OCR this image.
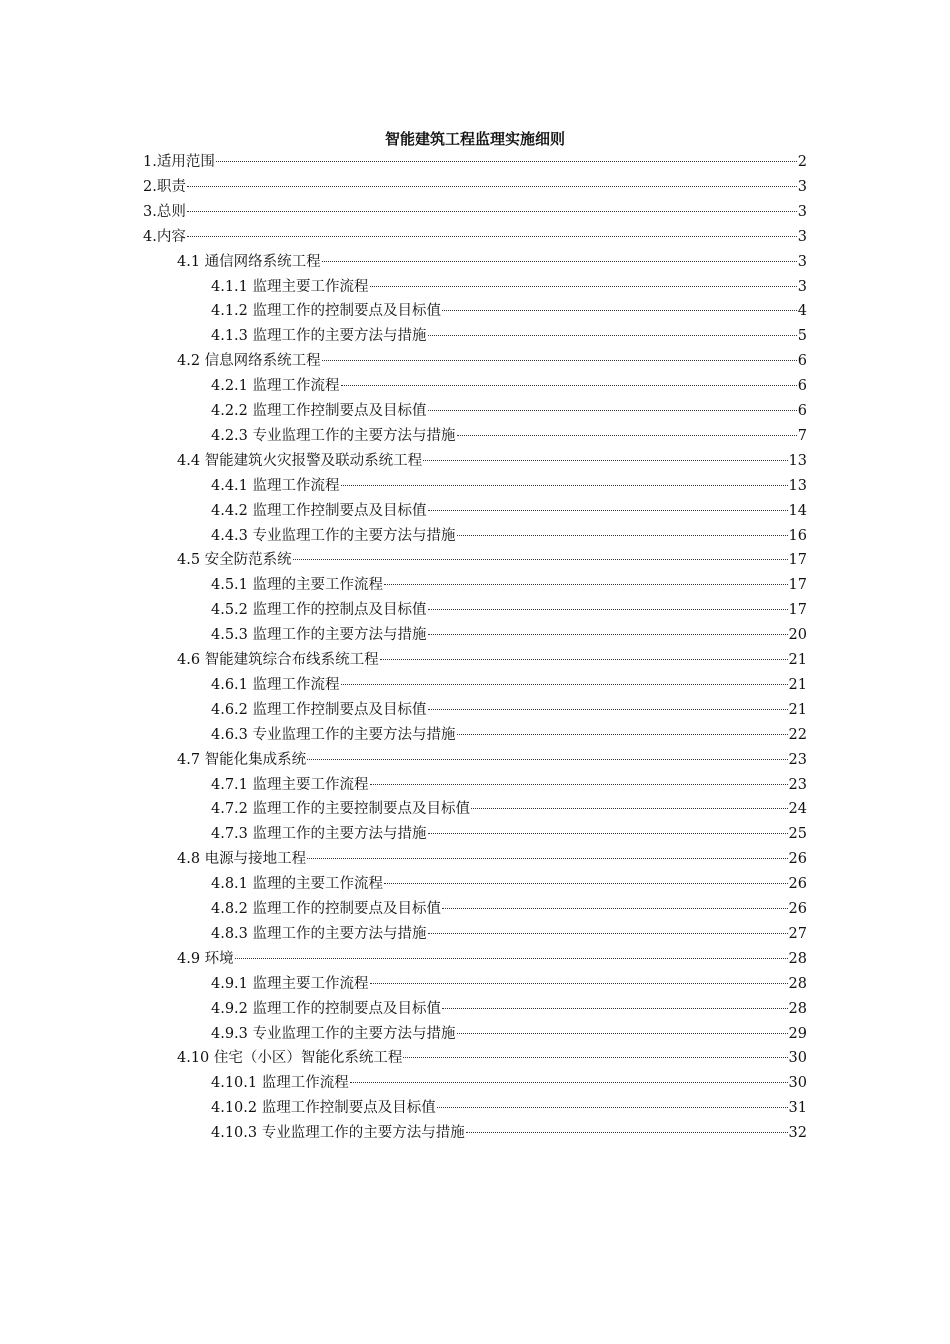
智能建筑工程监理实施细则
1.适用范围	2
2.职责	3
3.总则	3
4.内容	3
4.1 通信网络系统工程	3
4.1.1 监理主要工作流程	3
4.1.2 监理工作的控制要点及目标值	4
4.1.3 监理工作的主要方法与措施	5
4.2 信息网络系统工程	6
4.2.1 监理工作流程	6
4.2.2 监理工作控制要点及目标值	6
4.2.3 专业监理工作的主要方法与措施	7
4.4 智能建筑火灾报警及联动系统工程	13
4.4.1 监理工作流程	13
4.4.2 监理工作控制要点及目标值	14
4.4.3 专业监理工作的主要方法与措施	16
4.5 安全防范系统	17
4.5.1 监理的主要工作流程	17
4.5.2 监理工作的控制点及目标值	17
4.5.3 监理工作的主要方法与措施	20
4.6 智能建筑综合布线系统工程	21
4.6.1 监理工作流程	21
4.6.2 监理工作控制要点及目标值	21
4.6.3 专业监理工作的主要方法与措施	22
4.7 智能化集成系统	23
4.7.1 监理主要工作流程	23
4.7.2 监理工作的主要控制要点及目标值	24
4.7.3 监理工作的主要方法与措施	25
4.8 电源与接地工程	26
4.8.1 监理的主要工作流程	26
4.8.2 监理工作的控制要点及目标值	26
4.8.3 监理工作的主要方法与措施	27
4.9 环境	28
4.9.1 监理主要工作流程	28
4.9.2 监理工作的控制要点及目标值	28
4.9.3 专业监理工作的主要方法与措施	29
4.10 住宅（小区）智能化系统工程	30
4.10.1 监理工作流程	30
4.10.2 监理工作控制要点及目标值	31
4.10.3 专业监理工作的主要方法与措施	32
